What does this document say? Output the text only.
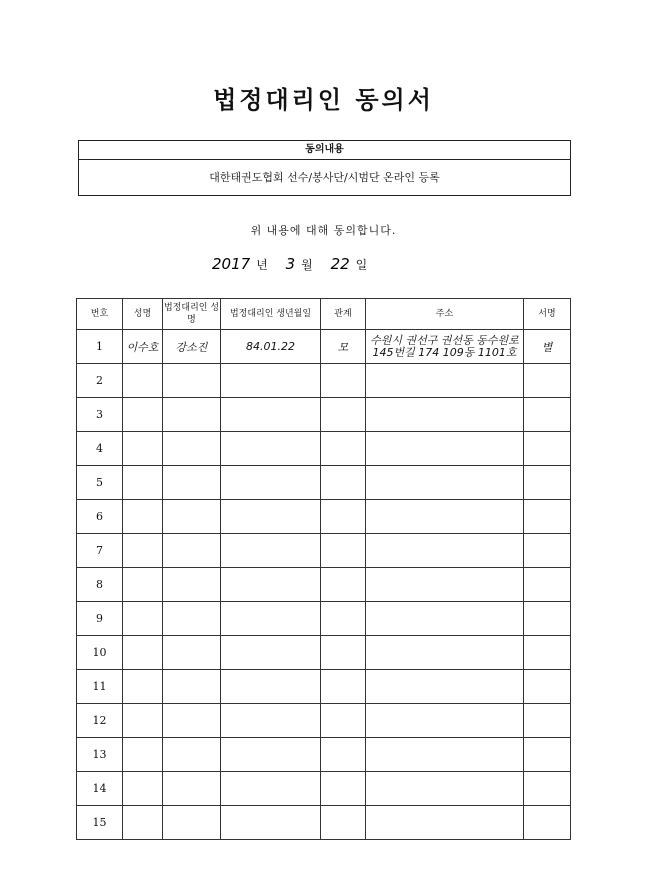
법정대리인 동의서
동의내용
대한태권도협회 선수/봉사단/시범단 온라인 등록
위 내용에 대해 동의합니다.
2017 년 3 월 22 일
번호	성명	법정대리인 성명	법정대리인 생년월일	관계	주소	서명
1	이수호	강소진	84.01.22	모	수원시 권선구 권선동 동수원로
145번길 174 109동 1101호	별
2						
3						
4						
5						
6						
7						
8						
9						
10						
11						
12						
13						
14						
15						
